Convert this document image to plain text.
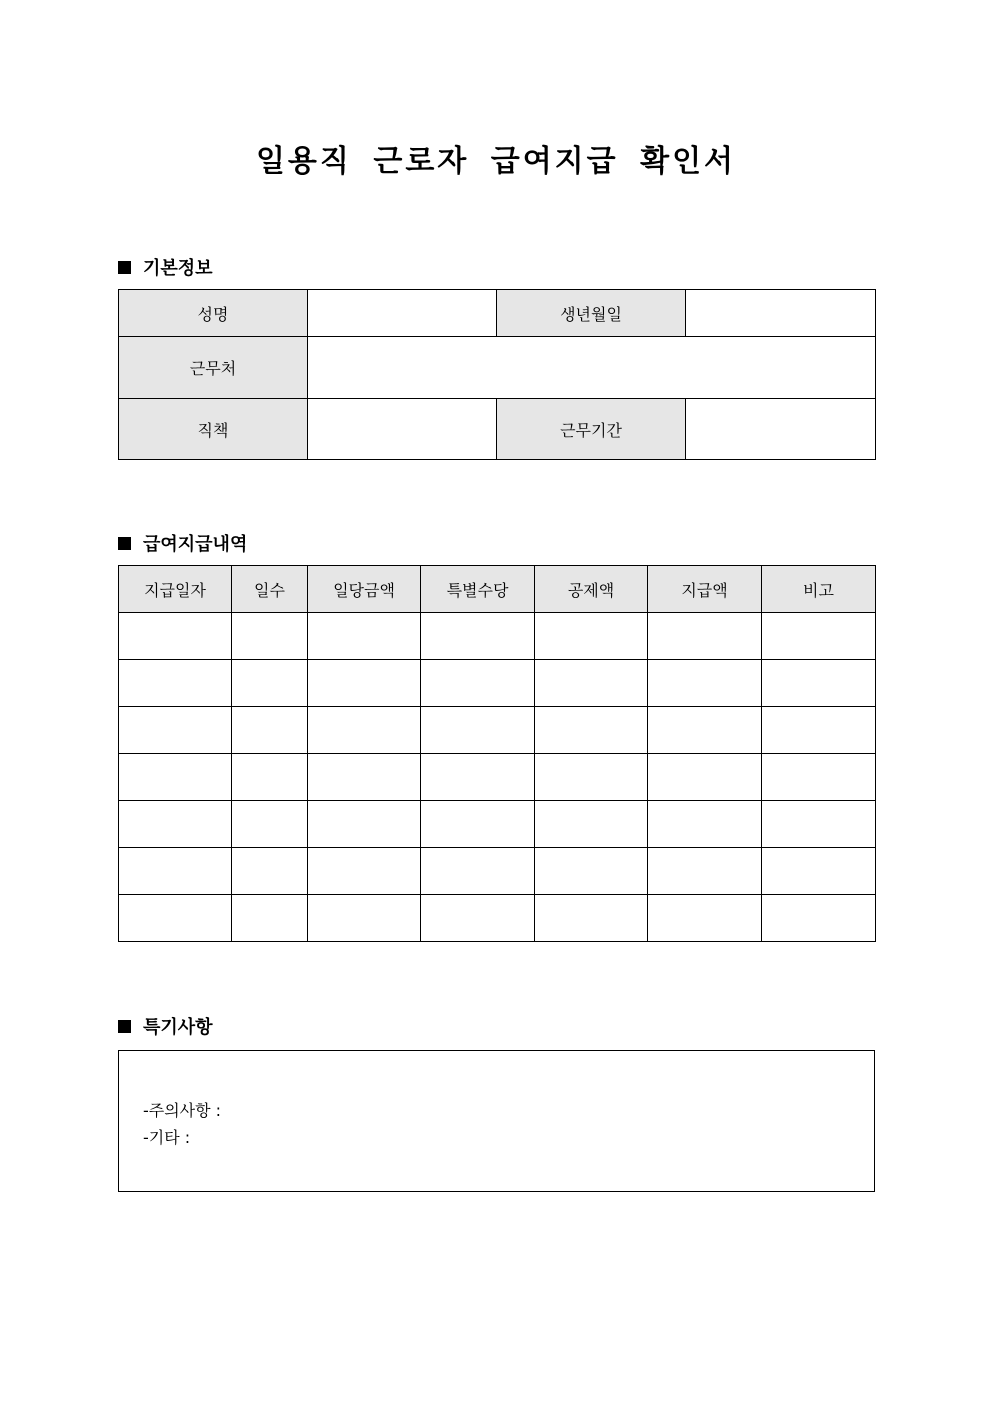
일용직 근로자 급여지급 확인서
기본정보
성명		생년월일	
근무처			
직책		근무기간	
급여지급내역
지급일자	일수	일당금액	특별수당	공제액	지급액	비고

특기사항
-주의사항 :
-기타 :
